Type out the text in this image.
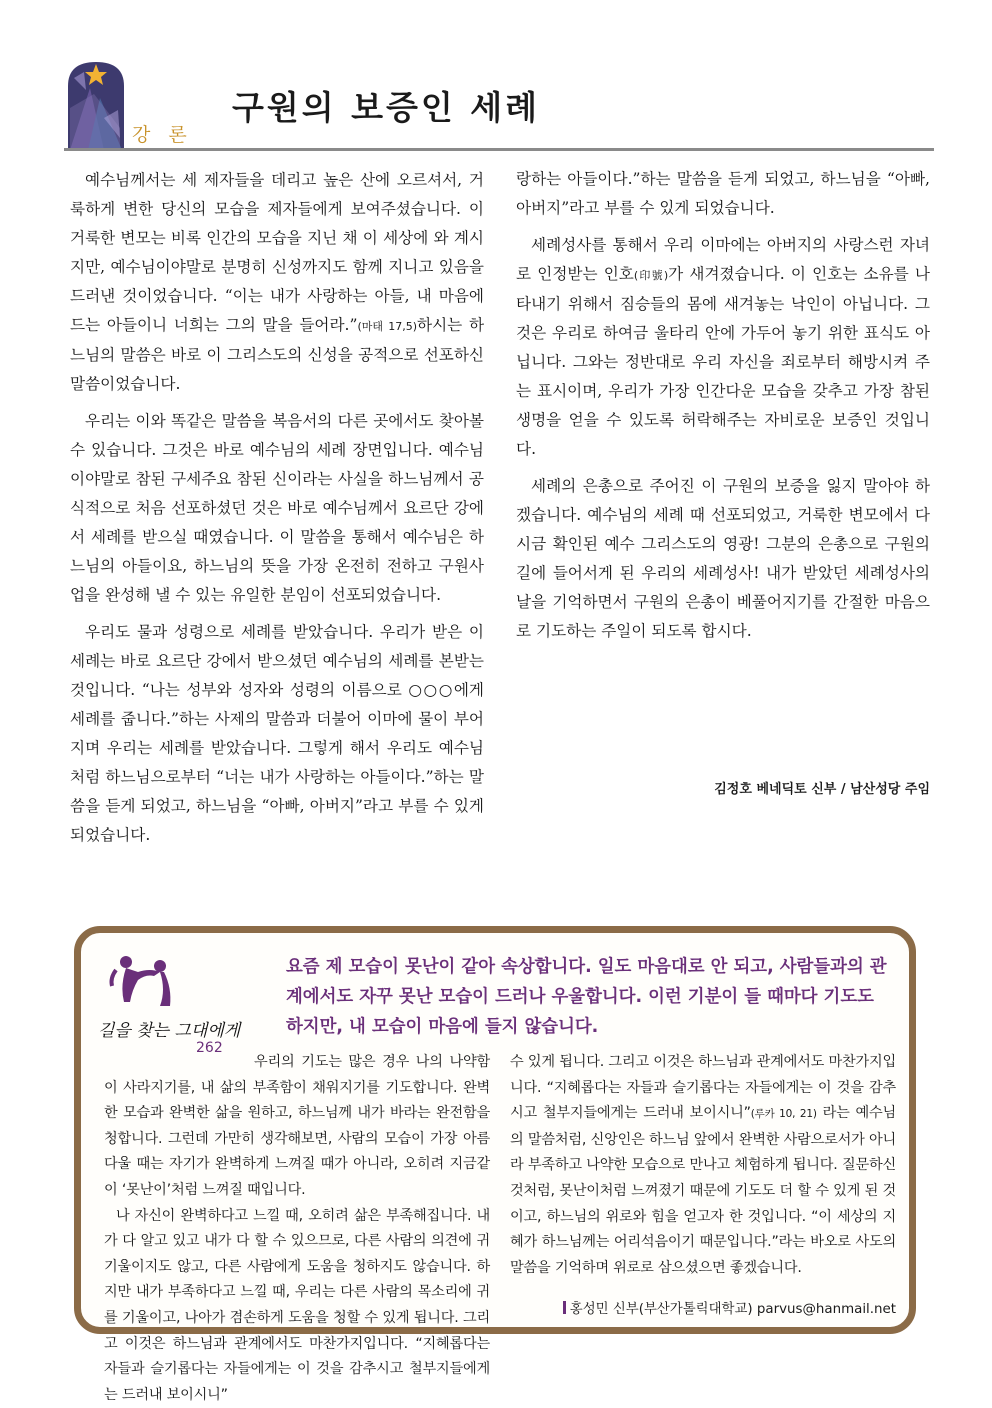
강 론
구원의 보증인 세례

예수님께서는 세 제자들을 데리고 높은 산에 오르셔서, 거룩하게 변한 당신의 모습을 제자들에게 보여주셨습니다. 이 거룩한 변모는 비록 인간의 모습을 지닌 채 이 세상에 와 계시지만, 예수님이야말로 분명히 신성까지도 함께 지니고 있음을 드러낸 것이었습니다. “이는 내가 사랑하는 아들, 내 마음에 드는 아들이니 너희는 그의 말을 들어라.”(마태 17,5)하시는 하느님의 말씀은 바로 이 그리스도의 신성을 공적으로 선포하신 말씀이었습니다.

우리는 이와 똑같은 말씀을 복음서의 다른 곳에서도 찾아볼 수 있습니다. 그것은 바로 예수님의 세례 장면입니다. 예수님이야말로 참된 구세주요 참된 신이라는 사실을 하느님께서 공식적으로 처음 선포하셨던 것은 바로 예수님께서 요르단 강에서 세례를 받으실 때였습니다. 이 말씀을 통해서 예수님은 하느님의 아들이요, 하느님의 뜻을 가장 온전히 전하고 구원사업을 완성해 낼 수 있는 유일한 분임이 선포되었습니다.

우리도 물과 성령으로 세례를 받았습니다. 우리가 받은 이 세례는 바로 요르단 강에서 받으셨던 예수님의 세례를 본받는 것입니다. “나는 성부와 성자와 성령의 이름으로 ○○○에게 세례를 줍니다.”하는 사제의 말씀과 더불어 이마에 물이 부어지며 우리는 세례를 받았습니다. 그렇게 해서 우리도 예수님처럼 하느님으로부터 “너는 내가 사랑하는 아들이다.”하는 말씀을 듣게 되었고, 하느님을 “아빠, 아버지”라고 부를 수 있게 되었습니다.

랑하는 아들이다.”하는 말씀을 듣게 되었고, 하느님을 “아빠, 아버지”라고 부를 수 있게 되었습니다.

세례성사를 통해서 우리 이마에는 아버지의 사랑스런 자녀로 인정받는 인호(印號)가 새겨졌습니다. 이 인호는 소유를 나타내기 위해서 짐승들의 몸에 새겨놓는 낙인이 아닙니다. 그것은 우리로 하여금 울타리 안에 가두어 놓기 위한 표식도 아닙니다. 그와는 정반대로 우리 자신을 죄로부터 해방시켜 주는 표시이며, 우리가 가장 인간다운 모습을 갖추고 가장 참된 생명을 얻을 수 있도록 허락해주는 자비로운 보증인 것입니다.

세례의 은총으로 주어진 이 구원의 보증을 잃지 말아야 하겠습니다. 예수님의 세례 때 선포되었고, 거룩한 변모에서 다시금 확인된 예수 그리스도의 영광! 그분의 은총으로 구원의 길에 들어서게 된 우리의 세례성사! 내가 받았던 세례성사의 날을 기억하면서 구원의 은총이 베풀어지기를 간절한 마음으로 기도하는 주일이 되도록 합시다.

김정호 베네딕토 신부 / 남산성당 주임
길을 찾는 그대에게
262
요즘 제 모습이 못난이 같아 속상합니다. 일도 마음대로 안 되고, 사람들과의 관계에서도 자꾸 못난 모습이 드러나 우울합니다. 이런 기분이 들 때마다 기도도 하지만, 내 모습이 마음에 들지 않습니다.

우리의 기도는 많은 경우 나의 나약함이 사라지기를, 내 삶의 부족함이 채워지기를 기도합니다. 완벽한 모습과 완벽한 삶을 원하고, 하느님께 내가 바라는 완전함을 청합니다. 그런데 가만히 생각해보면, 사람의 모습이 가장 아름다울 때는 자기가 완벽하게 느껴질 때가 아니라, 오히려 지금같이 ‘못난이’처럼 느껴질 때입니다.

나 자신이 완벽하다고 느낄 때, 오히려 삶은 부족해집니다. 내가 다 알고 있고 내가 다 할 수 있으므로, 다른 사람의 의견에 귀 기울이지도 않고, 다른 사람에게 도움을 청하지도 않습니다. 하지만 내가 부족하다고 느낄 때, 우리는 다른 사람의 목소리에 귀를 기울이고, 나아가 겸손하게 도움을 청할 수 있게 됩니다. 그리고 이것은 하느님과 관계에서도 마찬가지입니다. “지혜롭다는 자들과 슬기롭다는 자들에게는 이 것을 감추시고 철부지들에게는 드러내 보이시니”

수 있게 됩니다. 그리고 이것은 하느님과 관계에서도 마찬가지입니다. “지혜롭다는 자들과 슬기롭다는 자들에게는 이 것을 감추시고 철부지들에게는 드러내 보이시니”(루카 10, 21) 라는 예수님의 말씀처럼, 신앙인은 하느님 앞에서 완벽한 사람으로서가 아니라 부족하고 나약한 모습으로 만나고 체험하게 됩니다. 질문하신 것처럼, 못난이처럼 느껴졌기 때문에 기도도 더 할 수 있게 된 것이고, 하느님의 위로와 힘을 얻고자 한 것입니다. “이 세상의 지혜가 하느님께는 어리석음이기 때문입니다.”라는 바오로 사도의 말씀을 기억하며 위로로 삼으셨으면 좋겠습니다.

홍성민 신부(부산가톨릭대학교) parvus@hanmail.net
